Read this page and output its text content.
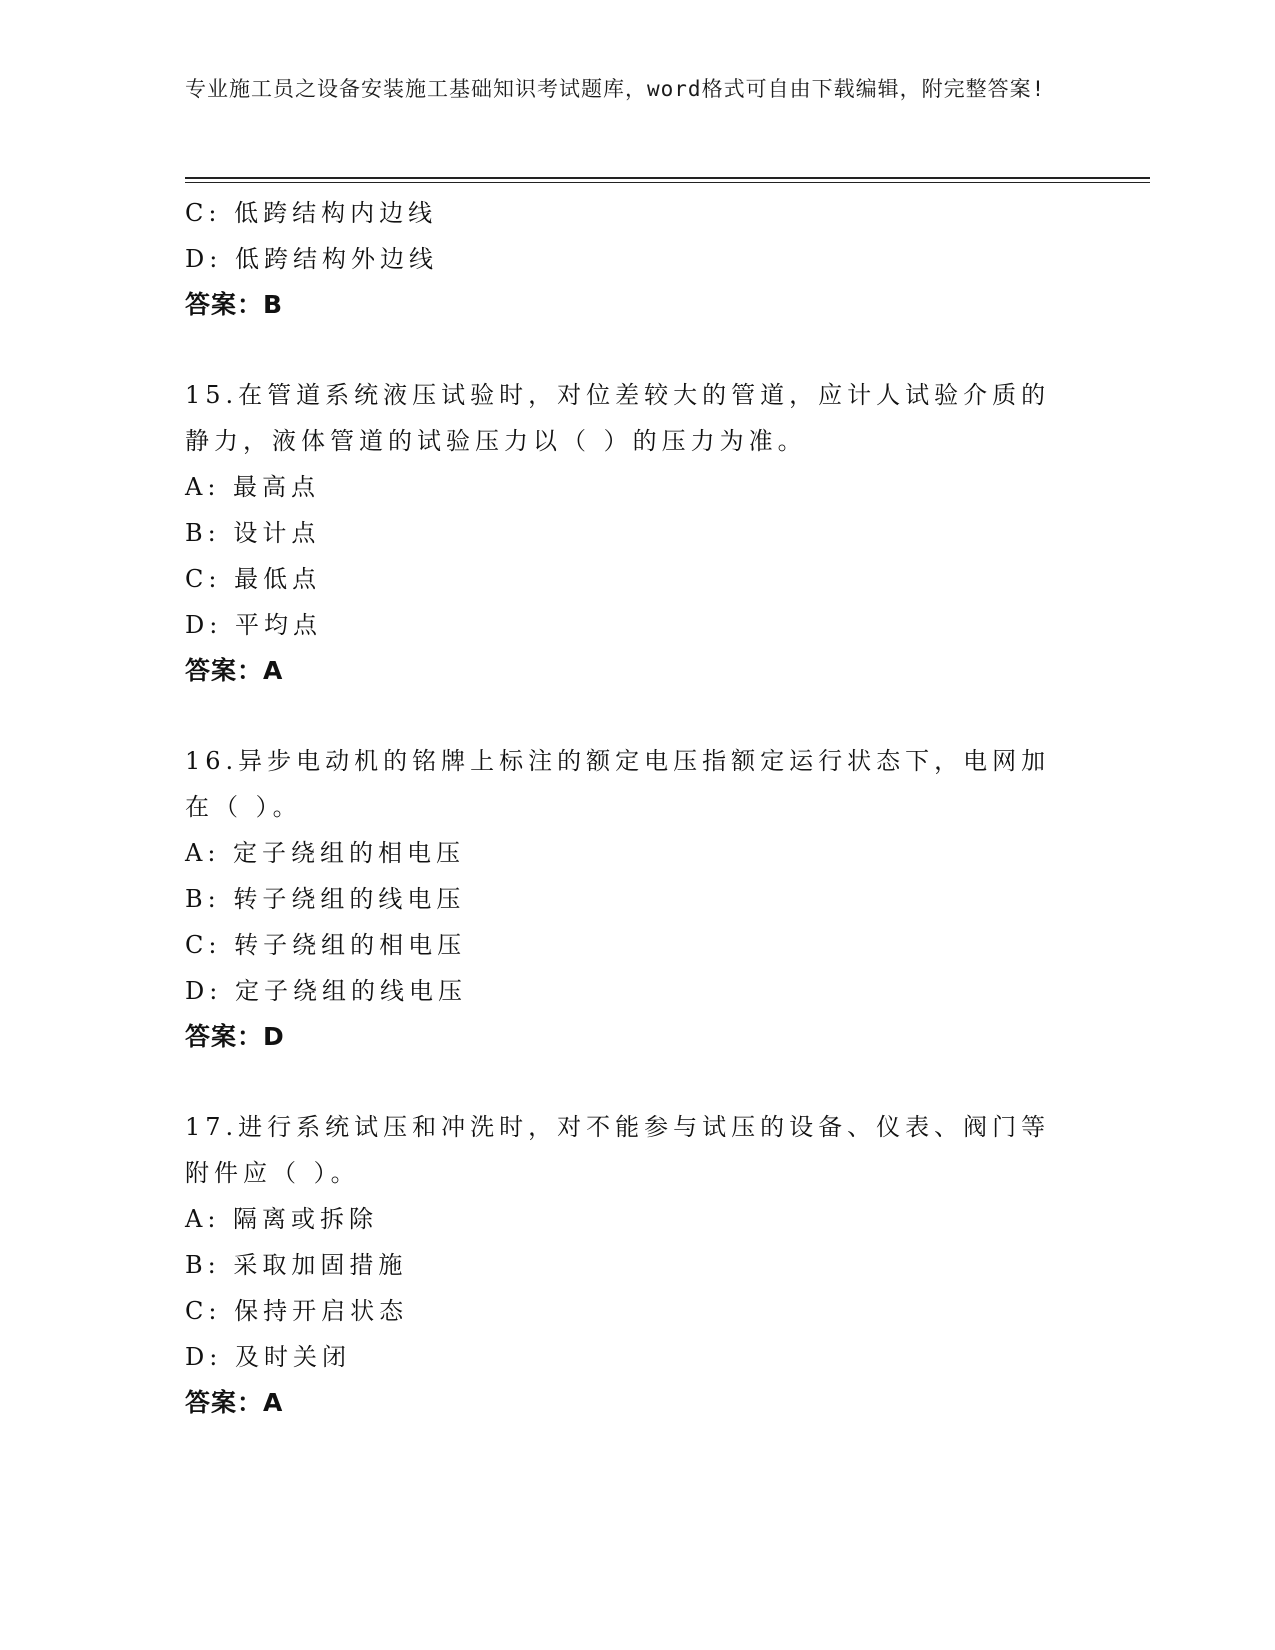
专业施工员之设备安装施工基础知识考试题库，word格式可自由下载编辑，附完整答案!
C: 低跨结构内边线
D: 低跨结构外边线
答案：B
15.在管道系统液压试验时，对位差较大的管道，应计人试验介质的静力，液体管道的试验压力以（ ）的压力为准。
A: 最高点
B: 设计点
C: 最低点
D: 平均点
答案：A
16.异步电动机的铭牌上标注的额定电压指额定运行状态下，电网加在（ ）。
A: 定子绕组的相电压
B: 转子绕组的线电压
C: 转子绕组的相电压
D: 定子绕组的线电压
答案：D
17.进行系统试压和冲洗时，对不能参与试压的设备、仪表、阀门等附件应（ ）。
A: 隔离或拆除
B: 采取加固措施
C: 保持开启状态
D: 及时关闭
答案：A
